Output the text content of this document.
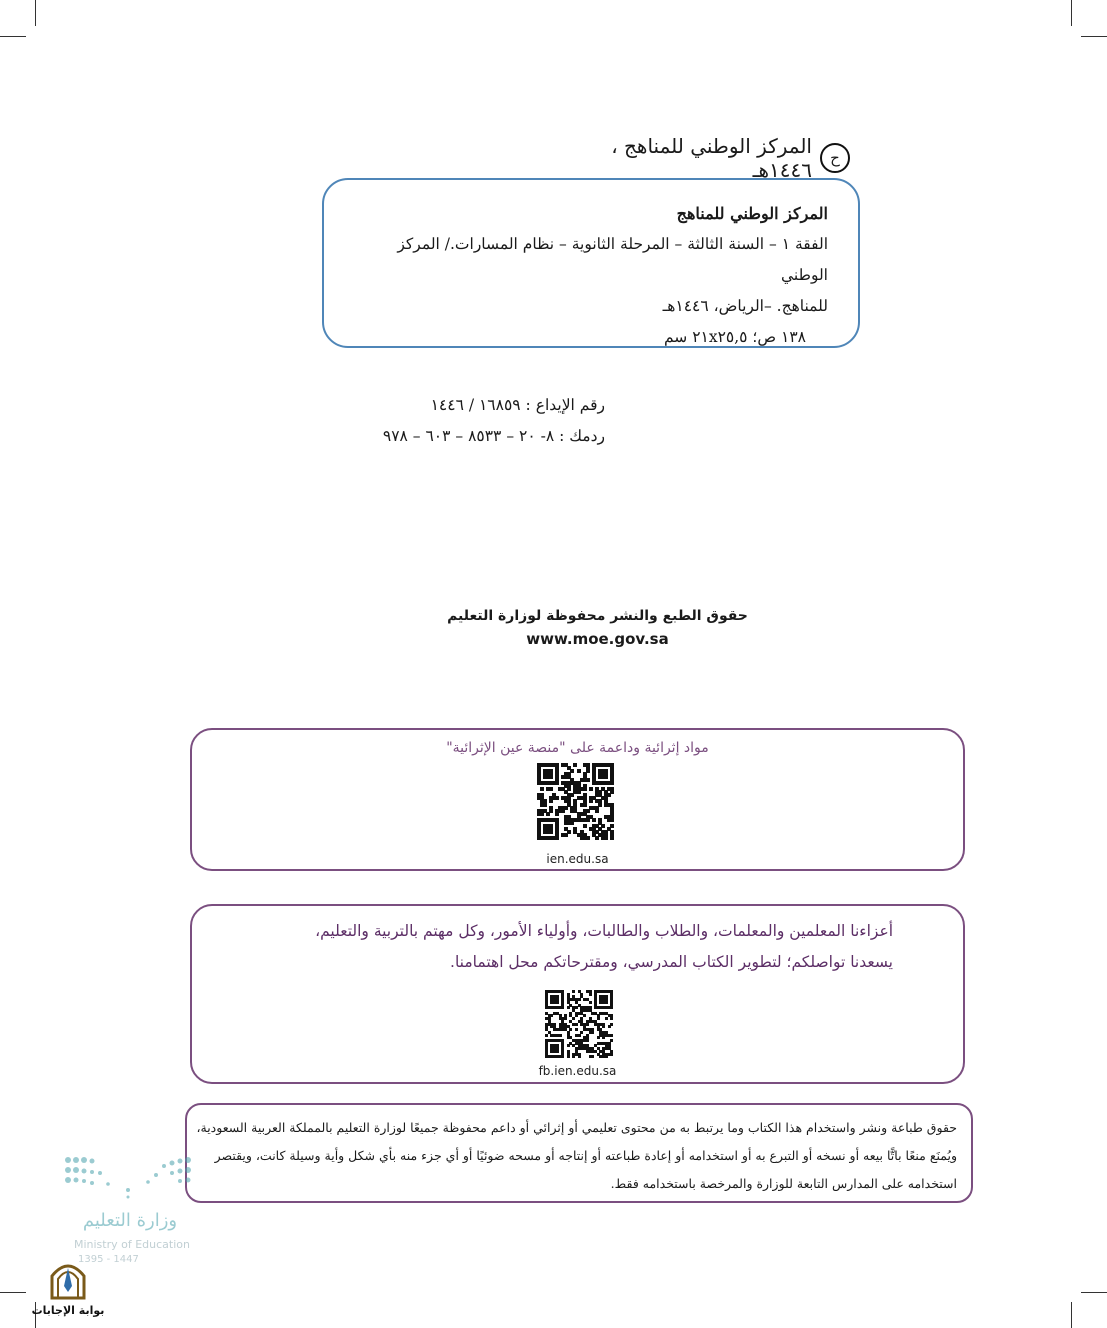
ح
المركز الوطني للمناهج ، ١٤٤٦هـ
المركز الوطني للمناهج
الفقة ١ – السنة الثالثة – المرحلة الثانوية – نظام المسارات./ المركز الوطني
للمناهج. –الرياض، ١٤٤٦هـ
١٣٨ ص؛ ٢١x٢٥,٥ سم
رقم الإيداع : ١٦٨٥٩ / ١٤٤٦
ردمك : ٨- ٢٠ – ٨٥٣٣ – ٦٠٣ – ٩٧٨
حقوق الطبع والنشر محفوظة لوزارة التعليم
www.moe.gov.sa
مواد إثرائية وداعمة على "منصة عين الإثرائية"
ien.edu.sa
أعزاءنا المعلمين والمعلمات، والطلاب والطالبات، وأولياء الأمور، وكل مهتم بالتربية والتعليم،
يسعدنا تواصلكم؛ لتطوير الكتاب المدرسي، ومقترحاتكم محل اهتمامنا.
fb.ien.edu.sa
حقوق طباعة ونشر واستخدام هذا الكتاب وما يرتبط به من محتوى تعليمي أو إثرائي أو داعم محفوظة جميعًا لوزارة التعليم بالمملكة العربية السعودية،
ويُمنَع منعًا باتًّا بيعه أو نسخه أو التبرع به أو استخدامه أو إعادة طباعته أو إنتاجه أو مسحه ضوئيًا أو أي جزء منه بأي شكل وأية وسيلة كانت، ويقتصر
استخدامه على المدارس التابعة للوزارة والمرخصة باستخدامه فقط.
وزارة التعليم
Ministry of Education
1395 - 1447
بوابة الإجابات
